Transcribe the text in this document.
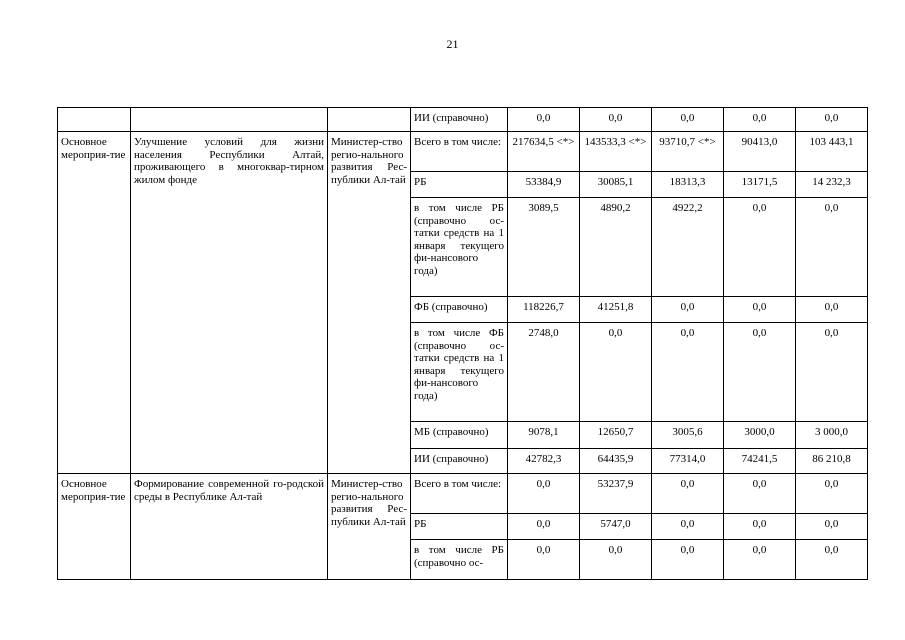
21
			ИИ (справочно)	0,0	0,0	0,0	0,0	0,0
Основное мероприя-тие	Улучшение условий для жизни населения Республики Алтай, проживающего в многоквар-тирном жилом фонде	Министер-ство регио-нального развития Рес-публики Ал-тай	Всего в том числе:	217634,5 <*>	143533,3 <*>	93710,7 <*>	90413,0	103 443,1
			РБ	53384,9	30085,1	18313,3	13171,5	14 232,3
			в том числе РБ (справочно ос-татки средств на 1 января текущего фи-нансового года)	3089,5	4890,2	4922,2	0,0	0,0
			ФБ (справочно)	118226,7	41251,8	0,0	0,0	0,0
			в том числе ФБ (справочно ос-татки средств на 1 января текущего фи-нансового года)	2748,0	0,0	0,0	0,0	0,0
			МБ (справочно)	9078,1	12650,7	3005,6	3000,0	3 000,0
			ИИ (справочно)	42782,3	64435,9	77314,0	74241,5	86 210,8
Основное мероприя-тие	Формирование современной го-родской среды в Республике Ал-тай	Министер-ство регио-нального развития Рес-публики Ал-тай	Всего в том числе:	0,0	53237,9	0,0	0,0	0,0
			РБ	0,0	5747,0	0,0	0,0	0,0
			в том числе РБ (справочно ос-	0,0	0,0	0,0	0,0	0,0
